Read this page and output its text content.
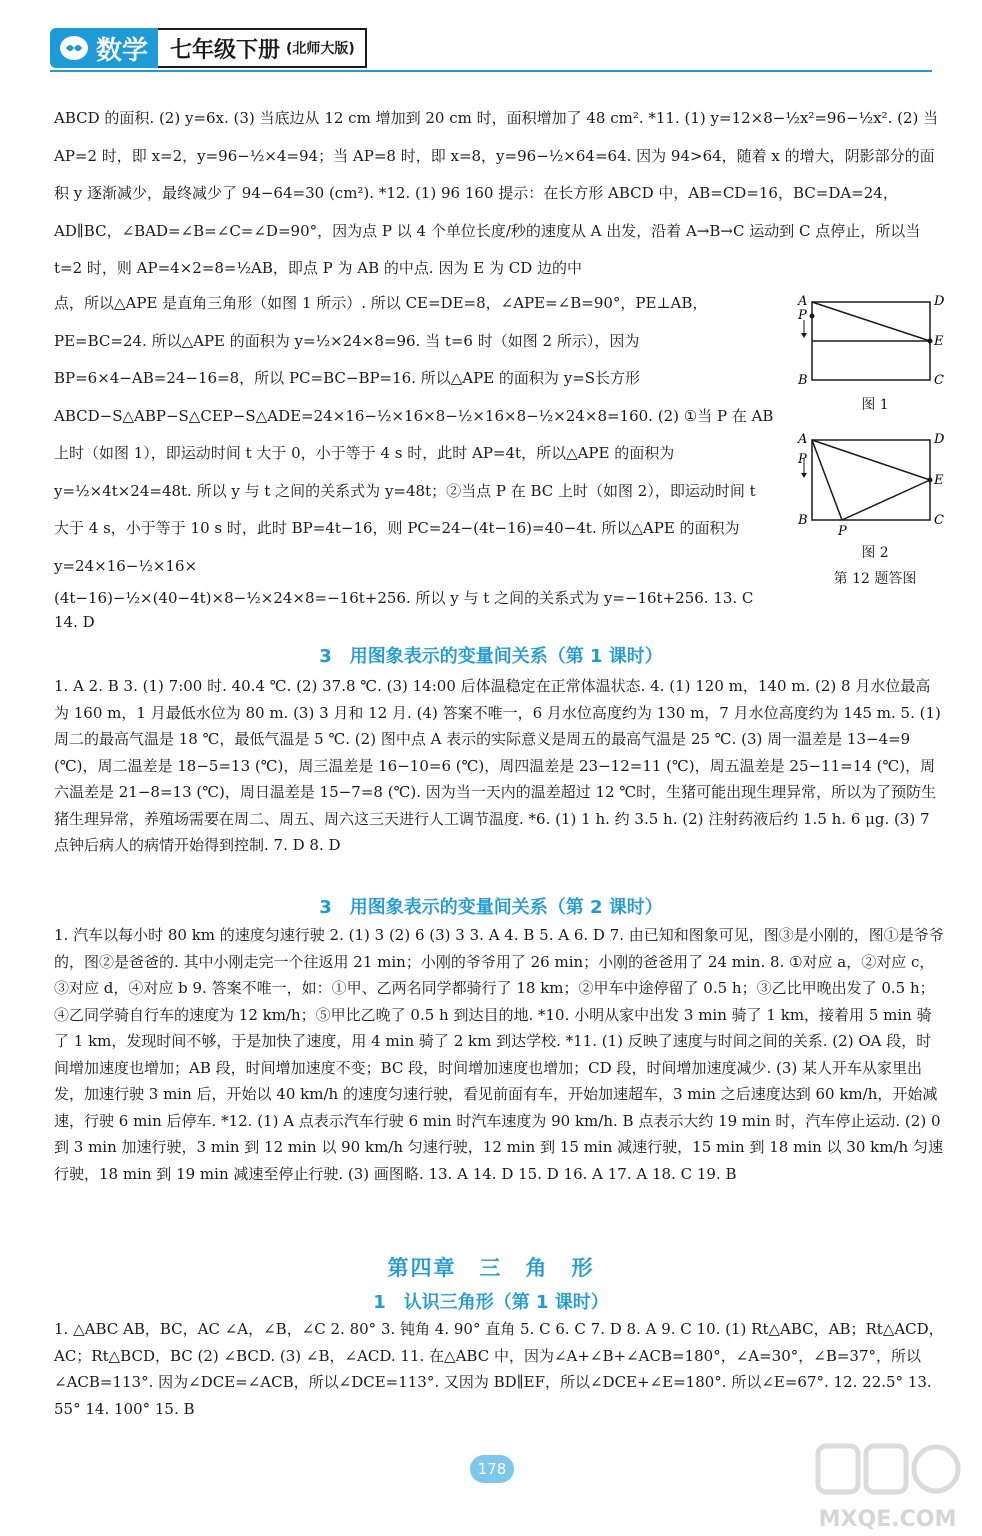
数学 七年级下册 (北师大版)
ABCD 的面积. (2) y=6x. (3) 当底边从 12 cm 增加到 20 cm 时，面积增加了 48 cm². *11. (1) y=12×8−½x²=96−½x². (2) 当 AP=2 时，即 x=2，y=96−½×4=94；当 AP=8 时，即 x=8，y=96−½×64=64. 因为 94>64，随着 x 的增大，阴影部分的面积 y 逐渐减少，最终减少了 94−64=30 (cm²). *12. (1) 96 160 提示：在长方形 ABCD 中，AB=CD=16，BC=DA=24，AD∥BC，∠BAD=∠B=∠C=∠D=90°，因为点 P 以 4 个单位长度/秒的速度从 A 出发，沿着 A→B→C 运动到 C 点停止，所以当 t=2 时，则 AP=4×2=8=½AB，即点 P 为 AB 的中点. 因为 E 为 CD 边的中
点，所以△APE 是直角三角形（如图 1 所示）. 所以 CE=DE=8，∠APE=∠B=90°，PE⊥AB，PE=BC=24. 所以△APE 的面积为 y=½×24×8=96. 当 t=6 时（如图 2 所示），因为 BP=6×4−AB=24−16=8，所以 PC=BC−BP=16. 所以△APE 的面积为 y=S长方形ABCD−S△ABP−S△CEP−S△ADE=24×16−½×16×8−½×16×8−½×24×8=160. (2) ①当 P 在 AB 上时（如图 1），即运动时间 t 大于 0，小于等于 4 s 时，此时 AP=4t，所以△APE 的面积为 y=½×4t×24=48t. 所以 y 与 t 之间的关系式为 y=48t；②当点 P 在 BC 上时（如图 2），即运动时间 t 大于 4 s，小于等于 10 s 时，此时 BP=4t−16，则 PC=24−(4t−16)=40−4t. 所以△APE 的面积为 y=24×16−½×16×
(4t−16)−½×(40−4t)×8−½×24×8=−16t+256. 所以 y 与 t 之间的关系式为 y=−16t+256. 13. C
14. D
A	D
P
E
B	C
图 1
A	D
P
E
B
P
C
图 2
第 12 题答图
3　用图象表示的变量间关系（第 1 课时）
1. A 2. B 3. (1) 7:00 时. 40.4 ℃. (2) 37.8 ℃. (3) 14:00 后体温稳定在正常体温状态. 4. (1) 120 m，140 m. (2) 8 月水位最高为 160 m，1 月最低水位为 80 m. (3) 3 月和 12 月. (4) 答案不唯一，6 月水位高度约为 130 m，7 月水位高度约为 145 m. 5. (1) 周二的最高气温是 18 ℃，最低气温是 5 ℃. (2) 图中点 A 表示的实际意义是周五的最高气温是 25 ℃. (3) 周一温差是 13−4=9 (℃)，周二温差是 18−5=13 (℃)，周三温差是 16−10=6 (℃)，周四温差是 23−12=11 (℃)，周五温差是 25−11=14 (℃)，周六温差是 21−8=13 (℃)，周日温差是 15−7=8 (℃). 因为当一天内的温差超过 12 ℃时，生猪可能出现生理异常，所以为了预防生猪生理异常，养殖场需要在周二、周五、周六这三天进行人工调节温度. *6. (1) 1 h. 约 3.5 h. (2) 注射药液后约 1.5 h. 6 μg. (3) 7 点钟后病人的病情开始得到控制. 7. D 8. D
3　用图象表示的变量间关系（第 2 课时）
1. 汽车以每小时 80 km 的速度匀速行驶 2. (1) 3 (2) 6 (3) 3 3. A 4. B 5. A 6. D 7. 由已知和图象可见，图③是小刚的，图①是爷爷的，图②是爸爸的. 其中小刚走完一个往返用 21 min；小刚的爷爷用了 26 min；小刚的爸爸用了 24 min. 8. ①对应 a，②对应 c，③对应 d，④对应 b 9. 答案不唯一，如：①甲、乙两名同学都骑行了 18 km；②甲车中途停留了 0.5 h；③乙比甲晚出发了 0.5 h；④乙同学骑自行车的速度为 12 km/h；⑤甲比乙晚了 0.5 h 到达目的地. *10. 小明从家中出发 3 min 骑了 1 km，接着用 5 min 骑了 1 km，发现时间不够，于是加快了速度，用 4 min 骑了 2 km 到达学校. *11. (1) 反映了速度与时间之间的关系. (2) OA 段，时间增加速度也增加；AB 段，时间增加速度不变；BC 段，时间增加速度也增加；CD 段，时间增加速度减少. (3) 某人开车从家里出发，加速行驶 3 min 后，开始以 40 km/h 的速度匀速行驶，看见前面有车，开始加速超车，3 min 之后速度达到 60 km/h，开始减速，行驶 6 min 后停车. *12. (1) A 点表示汽车行驶 6 min 时汽车速度为 90 km/h. B 点表示大约 19 min 时，汽车停止运动. (2) 0 到 3 min 加速行驶，3 min 到 12 min 以 90 km/h 匀速行驶，12 min 到 15 min 减速行驶，15 min 到 18 min 以 30 km/h 匀速行驶，18 min 到 19 min 减速至停止行驶. (3) 画图略. 13. A 14. D 15. D 16. A 17. A 18. C 19. B
第四章　三　角　形
1　认识三角形（第 1 课时）
1. △ABC AB，BC，AC ∠A，∠B，∠C 2. 80° 3. 钝角 4. 90° 直角 5. C 6. C 7. D 8. A 9. C 10. (1) Rt△ABC，AB；Rt△ACD，AC；Rt△BCD，BC (2) ∠BCD. (3) ∠B，∠ACD. 11. 在△ABC 中，因为∠A+∠B+∠ACB=180°，∠A=30°，∠B=37°，所以∠ACB=113°. 因为∠DCE=∠ACB，所以∠DCE=113°. 又因为 BD∥EF，所以∠DCE+∠E=180°. 所以∠E=67°. 12. 22.5° 13. 55° 14. 100° 15. B
178
MXQE.COM
